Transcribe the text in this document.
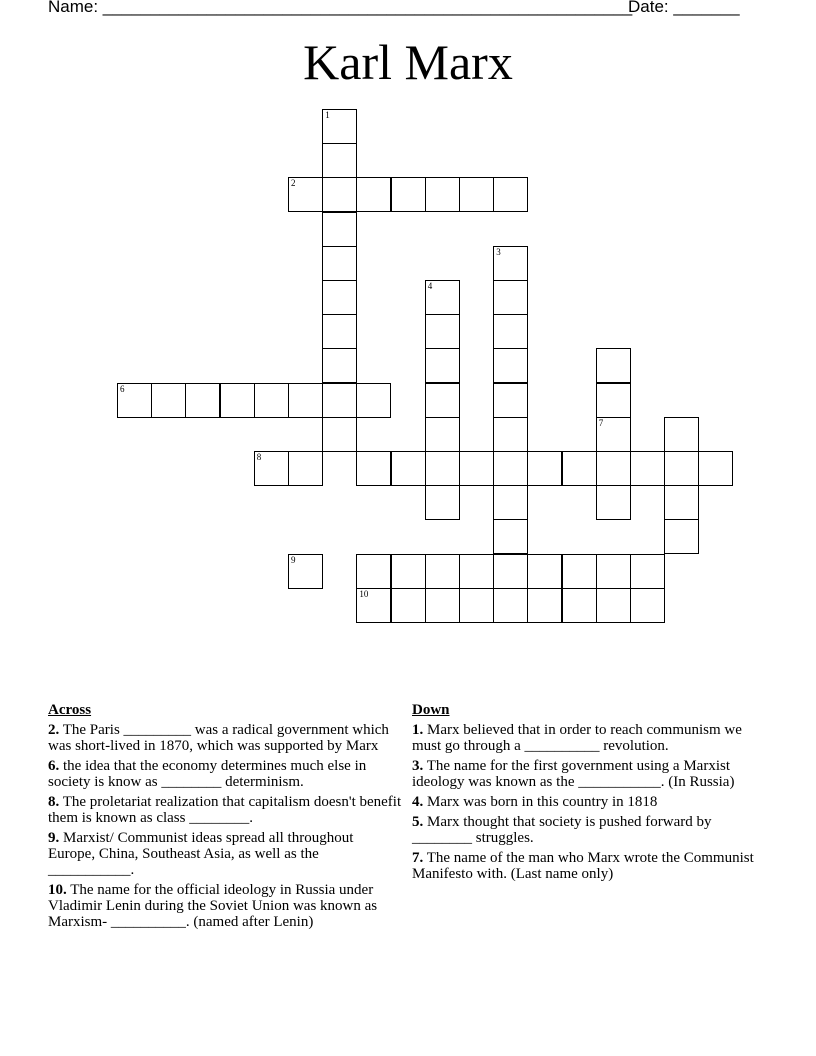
Name: ________________________________________________________
Date: _______
Karl Marx
1
2
6
4
3
7
8
9
10
Across
2. The Paris _________ was a radical government which was short-lived in 1870, which was supported by Marx
6. the idea that the economy determines much else in society is know as ________ determinism.
8. The proletariat realization that capitalism doesn't benefit them is known as class ________.
9. Marxist/ Communist ideas spread all throughout Europe, China, Southeast Asia, as well as the ___________.
10. The name for the official ideology in Russia under Vladimir Lenin during the Soviet Union was known as Marxism- __________. (named after Lenin)
Down
1. Marx believed that in order to reach communism we must go through a __________ revolution.
3. The name for the first government using a Marxist ideology was known as the ___________. (In Russia)
4. Marx was born in this country in 1818
5. Marx thought that society is pushed forward by ________ struggles.
7. The name of the man who Marx wrote the Communist Manifesto with. (Last name only)
